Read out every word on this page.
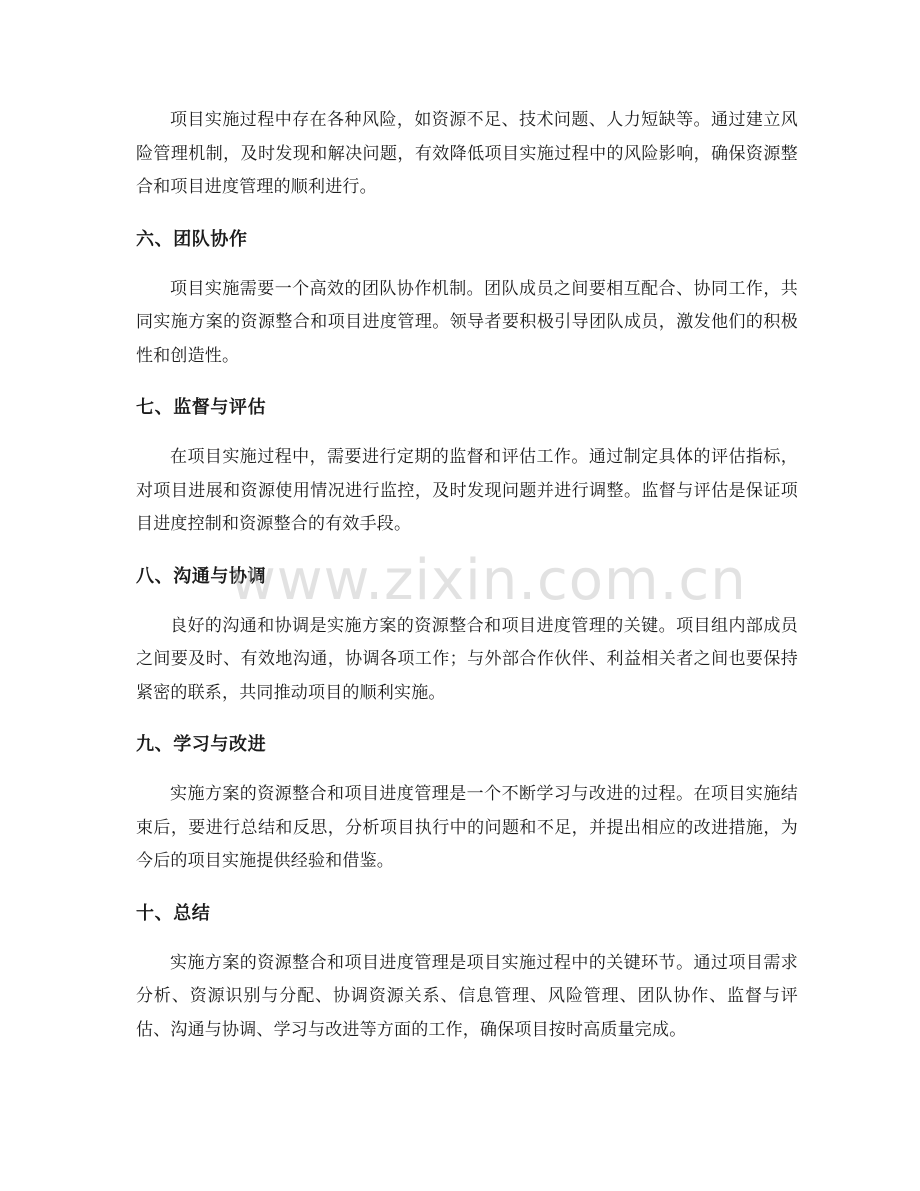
项目实施过程中存在各种风险，如资源不足、技术问题、人力短缺等。通过建立风险管理机制，及时发现和解决问题，有效降低项目实施过程中的风险影响，确保资源整合和项目进度管理的顺利进行。

六、团队协作

项目实施需要一个高效的团队协作机制。团队成员之间要相互配合、协同工作，共同实施方案的资源整合和项目进度管理。领导者要积极引导团队成员，激发他们的积极性和创造性。

七、监督与评估

在项目实施过程中，需要进行定期的监督和评估工作。通过制定具体的评估指标，对项目进展和资源使用情况进行监控，及时发现问题并进行调整。监督与评估是保证项目进度控制和资源整合的有效手段。

八、沟通与协调

良好的沟通和协调是实施方案的资源整合和项目进度管理的关键。项目组内部成员之间要及时、有效地沟通，协调各项工作；与外部合作伙伴、利益相关者之间也要保持紧密的联系，共同推动项目的顺利实施。

九、学习与改进

实施方案的资源整合和项目进度管理是一个不断学习与改进的过程。在项目实施结束后，要进行总结和反思，分析项目执行中的问题和不足，并提出相应的改进措施，为今后的项目实施提供经验和借鉴。

十、总结

实施方案的资源整合和项目进度管理是项目实施过程中的关键环节。通过项目需求分析、资源识别与分配、协调资源关系、信息管理、风险管理、团队协作、监督与评估、沟通与协调、学习与改进等方面的工作，确保项目按时高质量完成。

www.zixin.com.cn
